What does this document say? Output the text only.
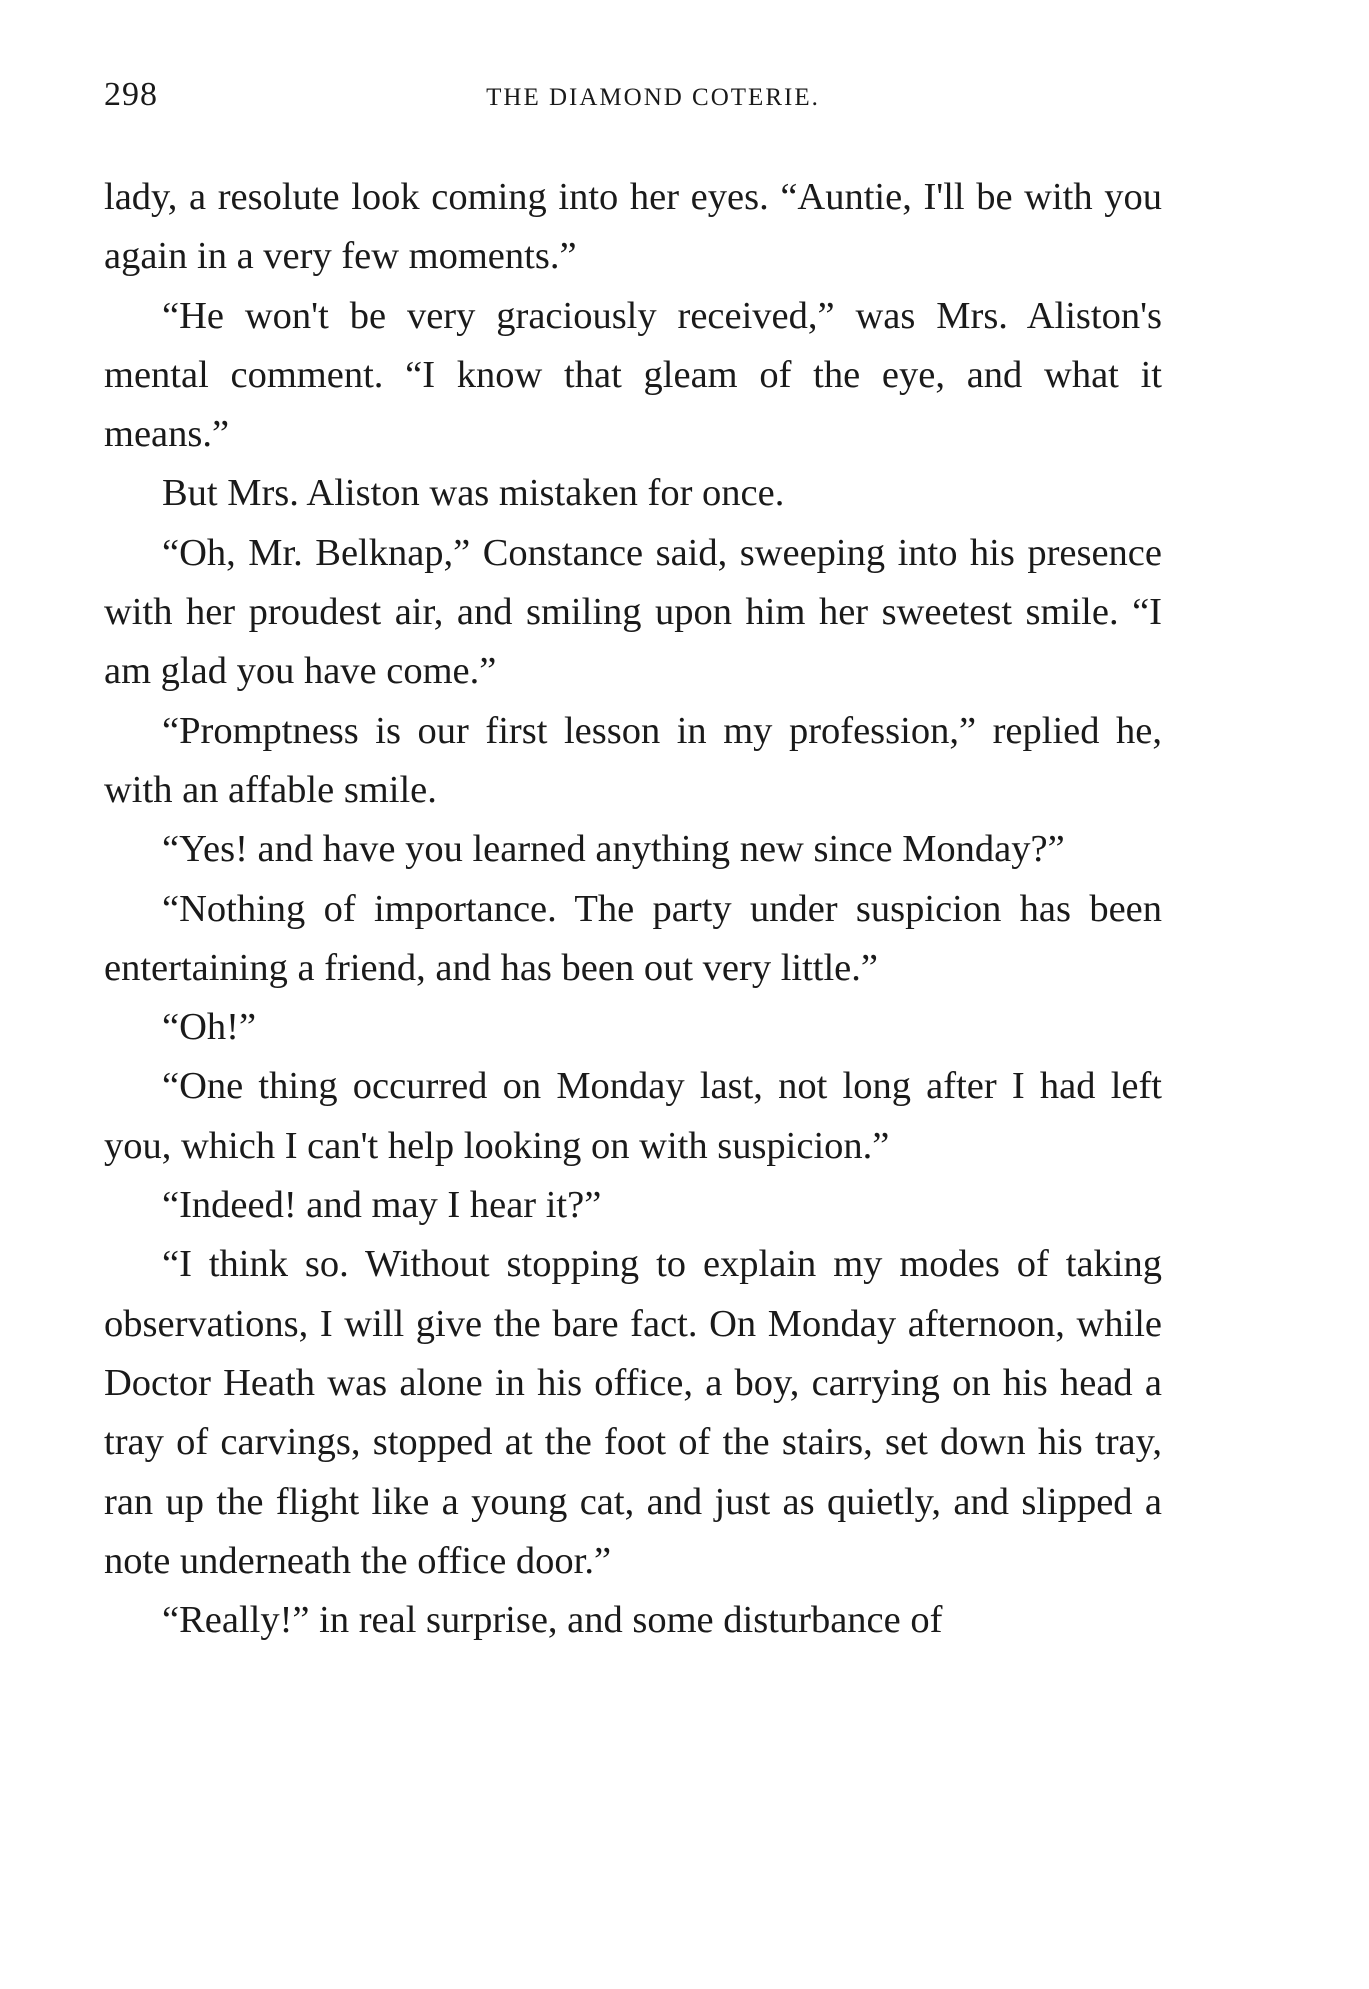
298	THE DIAMOND COTERIE.

lady, a resolute look coming into her eyes. “Auntie, I'll be with you again in a very few moments.”

“He won't be very graciously received,” was Mrs. Aliston's mental comment. “I know that gleam of the eye, and what it means.”

But Mrs. Aliston was mistaken for once.

“Oh, Mr. Belknap,” Constance said, sweeping into his presence with her proudest air, and smiling upon him her sweetest smile. “I am glad you have come.”

“Promptness is our first lesson in my profession,” replied he, with an affable smile.

“Yes! and have you learned anything new since Monday?”

“Nothing of importance. The party under suspicion has been entertaining a friend, and has been out very little.”

“Oh!”

“One thing occurred on Monday last, not long after I had left you, which I can't help looking on with suspicion.”

“Indeed! and may I hear it?”

“I think so. Without stopping to explain my modes of taking observations, I will give the bare fact. On Monday afternoon, while Doctor Heath was alone in his office, a boy, carrying on his head a tray of carvings, stopped at the foot of the stairs, set down his tray, ran up the flight like a young cat, and just as quietly, and slipped a note underneath the office door.”

“Really!” in real surprise, and some disturbance of
